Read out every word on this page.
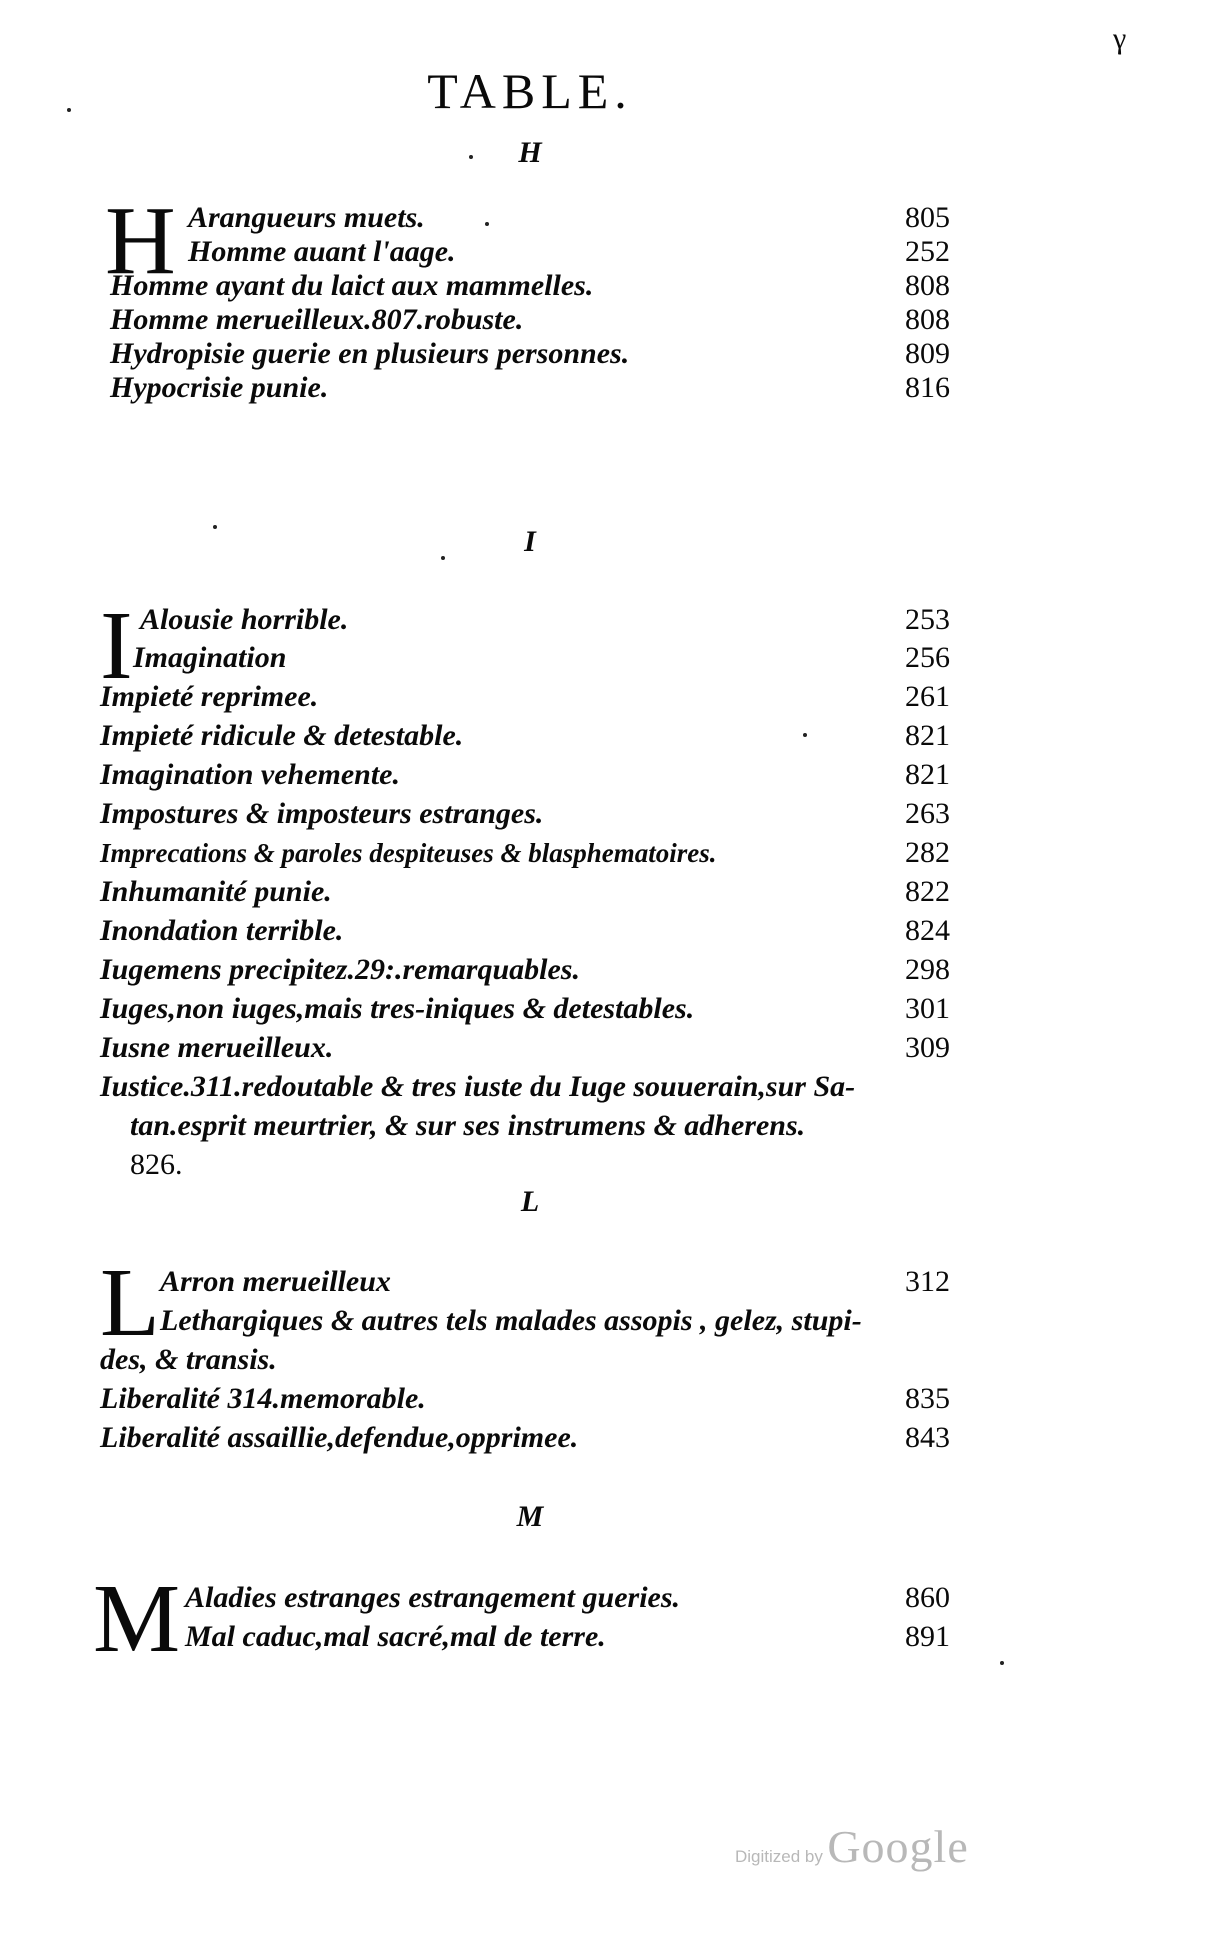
γ
TABLE.
H
H Arangueurs muets.	805
Homme auant l'aage.	252
Homme ayant du laict aux mammelles.	808
Homme merueilleux.807.robuste.	808
Hydropisie guerie en plusieurs personnes.	809
Hypocrisie punie.	816
I
I Alousie horrible.	253
Imagination	256
Impieté reprimee.	261
Impieté ridicule & detestable.	821
Imagination vehemente.	821
Impostures & imposteurs estranges.	263
Imprecations & paroles despiteuses & blasphematoires.	282
Inhumanité punie.	822
Inondation terrible.	824
Iugemens precipitez.29:.remarquables.	298
Iuges,non iuges,mais tres-iniques & detestables.	301
Iusne merueilleux.	309
Iustice.311.redoutable & tres iuste du Iuge souuerain,sur Sa-
tan.esprit meurtrier, & sur ses instrumens & adherens.
826.
L
L Arron merueilleux	312
Lethargiques & autres tels malades assopis , gelez, stupi-
des, & transis.
Liberalité 314.memorable.	835
Liberalité assaillie,defendue,opprimee.	843
M
M Aladies estranges estrangement gueries.	860
Mal caduc,mal sacré,mal de terre.	891
Digitized by Google
